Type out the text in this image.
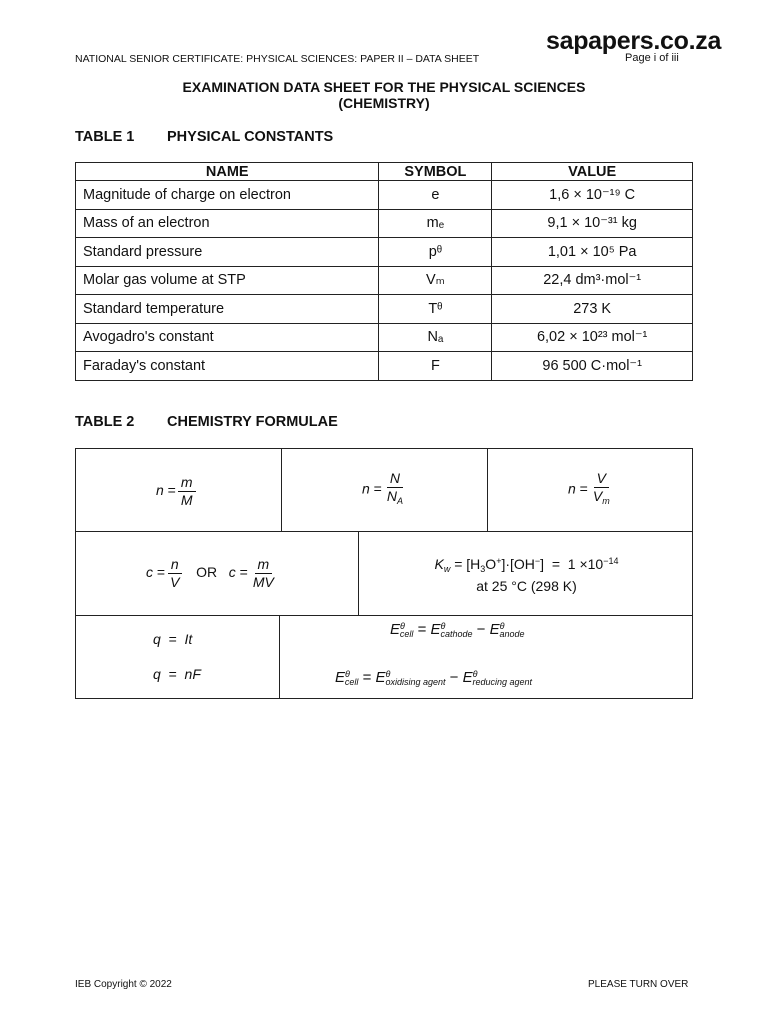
sapapers.co.za
NATIONAL SENIOR CERTIFICATE: PHYSICAL SCIENCES: PAPER II – DATA SHEET	Page i of iii
EXAMINATION DATA SHEET FOR THE PHYSICAL SCIENCES
(CHEMISTRY)
TABLE 1 PHYSICAL CONSTANTS
NAME	SYMBOL	VALUE
Magnitude of charge on electron	e	1,6 × 10⁻¹⁹ C
Mass of an electron	mₑ	9,1 × 10⁻³¹ kg
Standard pressure	pᶿ	1,01 × 10⁵ Pa
Molar gas volume at STP	Vₘ	22,4 dm³·mol⁻¹
Standard temperature	Tᶿ	273 K
Avogadro's constant	Nₐ	6,02 × 10²³ mol⁻¹
Faraday's constant	F	96 500 C·mol⁻¹
TABLE 2 CHEMISTRY FORMULAE
$n = \frac{m}{M}$	$n = \frac{N}{N_A}$	$n = \frac{V}{V_m}$
$c = \frac{n}{V}$ OR $c = \frac{m}{MV}$	$K_w = [H_3O^+]\cdot[OH^-] = 1 \times 10^{-14}$
at 25 °C (298 K)
q  =  It
q  =  nF
$E^\theta_{cell} = E^\theta_{cathode} - E^\theta_{anode}$
$E^\theta_{cell} = E^\theta_{oxidising agent} - E^\theta_{reducing agent}$
IEB Copyright © 2022	PLEASE TURN OVER
